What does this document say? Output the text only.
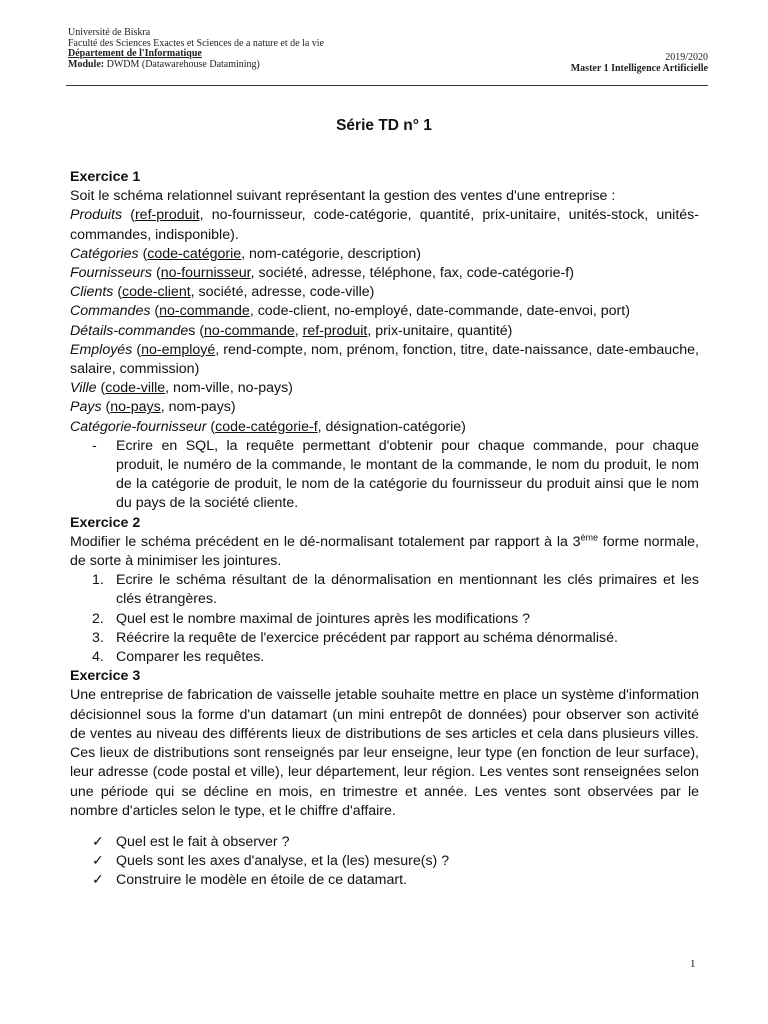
Université de Biskra
Faculté des Sciences Exactes et Sciences de a nature et de la vie
Département de l'Informatique
Module: DWDM (Datawarehouse Datamining)
2019/2020
Master 1 Intelligence Artificielle
Série TD n° 1

Exercice 1

Soit le schéma relationnel suivant représentant la gestion des ventes d'une entreprise :

Produits (ref-produit, no-fournisseur, code-catégorie, quantité, prix-unitaire, unités-stock, unités-commandes, indisponible).

Catégories (code-catégorie, nom-catégorie, description)

Fournisseurs (no-fournisseur, société, adresse, téléphone, fax, code-catégorie-f)

Clients (code-client, société, adresse, code-ville)

Commandes (no-commande, code-client, no-employé, date-commande, date-envoi, port)

Détails-commandes (no-commande, ref-produit, prix-unitaire, quantité)

Employés (no-employé, rend-compte, nom, prénom, fonction, titre, date-naissance, date-embauche, salaire, commission)

Ville (code-ville, nom-ville, no-pays)

Pays (no-pays, nom-pays)

Catégorie-fournisseur (code-catégorie-f, désignation-catégorie)

- Ecrire en SQL, la requête permettant d'obtenir pour chaque commande, pour chaque produit, le numéro de la commande, le montant de la commande, le nom du produit, le nom de la catégorie de produit, le nom de la catégorie du fournisseur du produit ainsi que le nom du pays de la société cliente.

Exercice 2

Modifier le schéma précédent en le dé-normalisant totalement par rapport à la 3ème forme normale, de sorte à minimiser les jointures.

1. Ecrire le schéma résultant de la dénormalisation en mentionnant les clés primaires et les clés étrangères.

2. Quel est le nombre maximal de jointures après les modifications ?

3. Réécrire la requête de l'exercice précédent par rapport au schéma dénormalisé.

4. Comparer les requêtes.

Exercice 3

Une entreprise de fabrication de vaisselle jetable souhaite mettre en place un système d'information décisionnel sous la forme d'un datamart (un mini entrepôt de données) pour observer son activité de ventes au niveau des différents lieux de distributions de ses articles et cela dans plusieurs villes. Ces lieux de distributions sont renseignés par leur enseigne, leur type (en fonction de leur surface), leur adresse (code postal et ville), leur département, leur région. Les ventes sont renseignées selon une période qui se décline en mois, en trimestre et année. Les ventes sont observées par le nombre d'articles selon le type, et le chiffre d'affaire.

✓ Quel est le fait à observer ?

✓ Quels sont les axes d'analyse, et la (les) mesure(s) ?

✓ Construire le modèle en étoile de ce datamart.

1
